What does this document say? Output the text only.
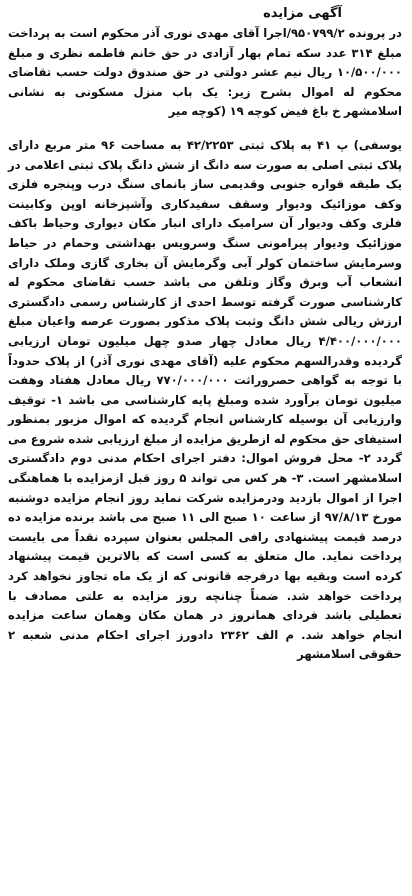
آگهی مزایده

در پرونده ۹۵۰۷۹۹/۲/اجرا آقای مهدی نوری آذر محکوم است به پرداخت مبلغ ۳۱۴ عدد سکه تمام بهار آزادی در حق خانم فاطمه نظری و مبلغ ۱۰/۵۰۰/۰۰۰ ریال نیم عشر دولتی در حق صندوق دولت حسب تقاضای محکوم له اموال بشرح زیر: یک باب منزل مسکونی به نشانی اسلامشهر خ باغ فیض کوچه ۱۹ (کوچه میر

یوسفی) پ ۴۱ به پلاک ثبتی ۴۲/۲۲۵۳ به مساحت ۹۶ متر مربع دارای پلاک ثبتی اصلی به صورت سه دانگ از شش دانگ پلاک ثبتی اعلامی در یک طبقه قواره جنوبی وقدیمی ساز بانمای سنگ درب وپنجره فلزی وکف موزائیک ودیوار وسقف سفیدکاری وآشپزخانه اوپن وکابینت فلزی وکف ودیوار آن سرامیک دارای انبار مکان دیواری وحیاط باکف موزائیک ودیوار پیرامونی سنگ وسرویس بهداشتی وحمام در حیاط وسرمایش ساختمان کولر آبی وگرمایش آن بخاری گازی وملک دارای انشعاب آب وبرق وگاز وتلفن می باشد حسب تقاضای محکوم له کارشناسی صورت گرفته توسط احدی از کارشناس رسمی دادگستری ارزش ریالی شش دانگ وثبت پلاک مذکور بصورت عرصه واعیان مبلغ ۴/۴۰۰/۰۰۰/۰۰۰ ریال معادل چهار صدو چهل میلیون تومان ارزیابی گردیده وقدرالسهم محکوم علیه (آقای مهدی نوری آذر) از پلاک حدوداً با توجه به گواهی حصروراثت ۷۷۰/۰۰۰/۰۰۰ ریال معادل هفتاد وهفت میلیون تومان برآورد شده ومبلغ پایه کارشناسی می باشد ۱- توقیف وارزیابی آن بوسیله کارشناس انجام گردیده که اموال مزبور بمنظور استیفای حق محکوم له ازطریق مزایده از مبلغ ارزیابی شده شروع می گردد ۲- محل فروش اموال: دفتر اجرای احکام مدنی دوم دادگستری اسلامشهر است. ۳- هر کس می تواند ۵ روز قبل ازمزایده با هماهنگی اجرا از اموال بازدید ودرمزایده شرکت نماید روز انجام مزایده دوشنبه مورخ ۹۷/۸/۱۳ از ساعت ۱۰ صبح الی ۱۱ صبح می باشد برنده مزایده ده درصد قیمت پیشنهادی رافی المجلس بعنوان سپرده نقداً می بایست پرداخت نماید. مال متعلق به کسی است که بالاترین قیمت پیشنهاد کرده است وبقیه بها درفرجه قانونی که از یک ماه تجاوز نخواهد کرد پرداخت خواهد شد. ضمناً چنانچه روز مزایده به علتی مصادف با تعطیلی باشد فردای همانروز در همان مکان وهمان ساعت مزایده انجام خواهد شد. م الف ۲۳۶۲ دادورز اجرای احکام مدنی شعبه ۲ حقوقی اسلامشهر
